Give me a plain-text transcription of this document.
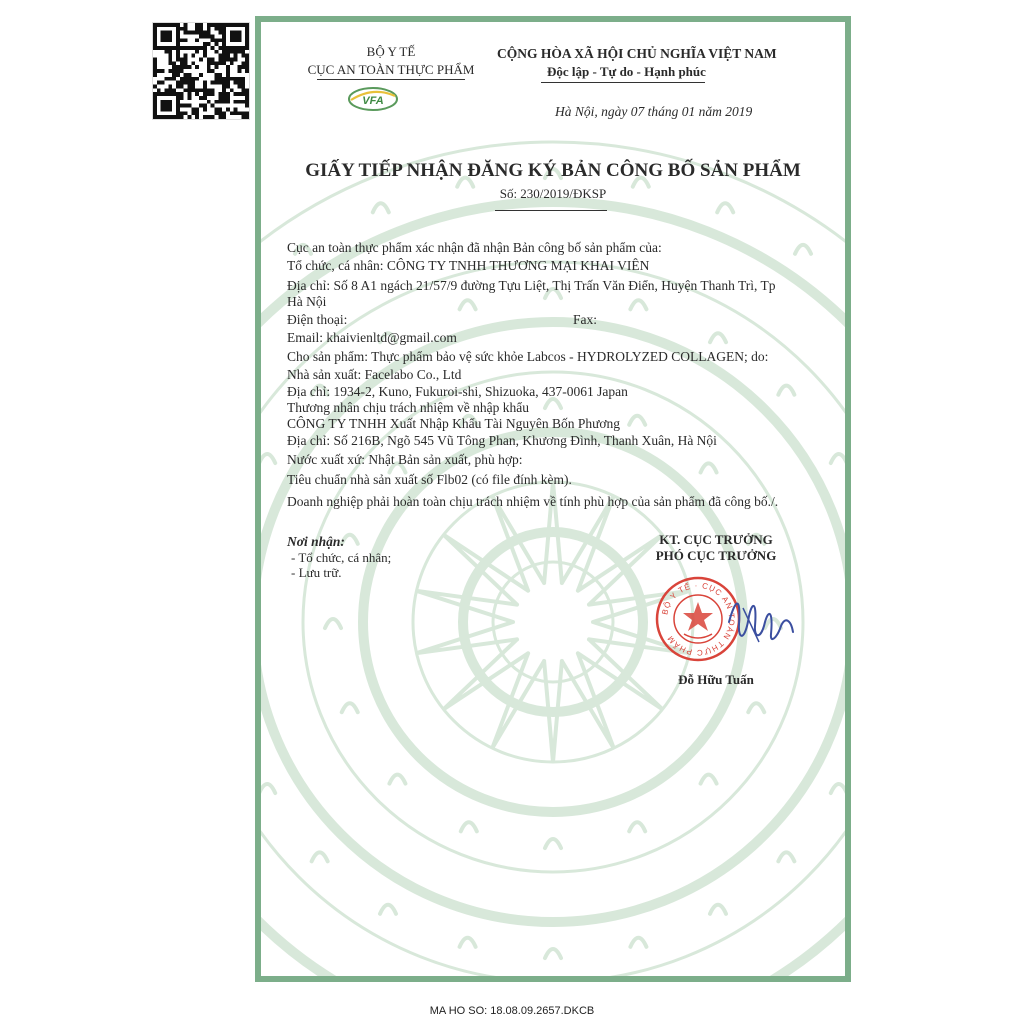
BỘ Y TẾ
CỤC AN TOÀN THỰC PHẨM
VFA
CỘNG HÒA XÃ HỘI CHỦ NGHĨA VIỆT NAM
Độc lập - Tự do - Hạnh phúc
Hà Nội, ngày 07 tháng 01 năm 2019
GIẤY TIẾP NHẬN ĐĂNG KÝ BẢN CÔNG BỐ SẢN PHẨM
Số: 230/2019/ĐKSP
Cục an toàn thực phẩm xác nhận đã nhận Bản công bố sản phẩm của:
Tổ chức, cá nhân: CÔNG TY TNHH THƯƠNG MẠI KHAI VIÊN
Địa chỉ: Số 8 A1 ngách 21/57/9 đường Tựu Liệt, Thị Trấn Văn Điển, Huyện Thanh Trì, Tp
Hà Nội
Điện thoại:	Fax:
Email: khaivienltd@gmail.com
Cho sản phẩm: Thực phẩm bảo vệ sức khỏe Labcos - HYDROLYZED COLLAGEN; do:
Nhà sản xuất: Facelabo Co., Ltd
Địa chỉ: 1934-2, Kuno, Fukuroi-shi, Shizuoka, 437-0061 Japan
Thương nhân chịu trách nhiệm về nhập khẩu
CÔNG TY TNHH Xuất Nhập Khẩu Tài Nguyên Bốn Phương
Địa chỉ: Số 216B, Ngõ 545 Vũ Tông Phan, Khương Đình, Thanh Xuân, Hà Nội
Nước xuất xứ: Nhật Bản sản xuất, phù hợp:
Tiêu chuẩn nhà sản xuất số Flb02 (có file đính kèm).
Doanh nghiệp phải hoàn toàn chịu trách nhiệm về tính phù hợp của sản phẩm đã công bố./.
Nơi nhận:
- Tổ chức, cá nhân;
- Lưu trữ.
KT. CỤC TRƯỞNG
PHÓ CỤC TRƯỞNG
BỘ Y TẾ · CỤC AN TOÀN THỰC PHẨM
Đỗ Hữu Tuấn
MA HO SO: 18.08.09.2657.DKCB
